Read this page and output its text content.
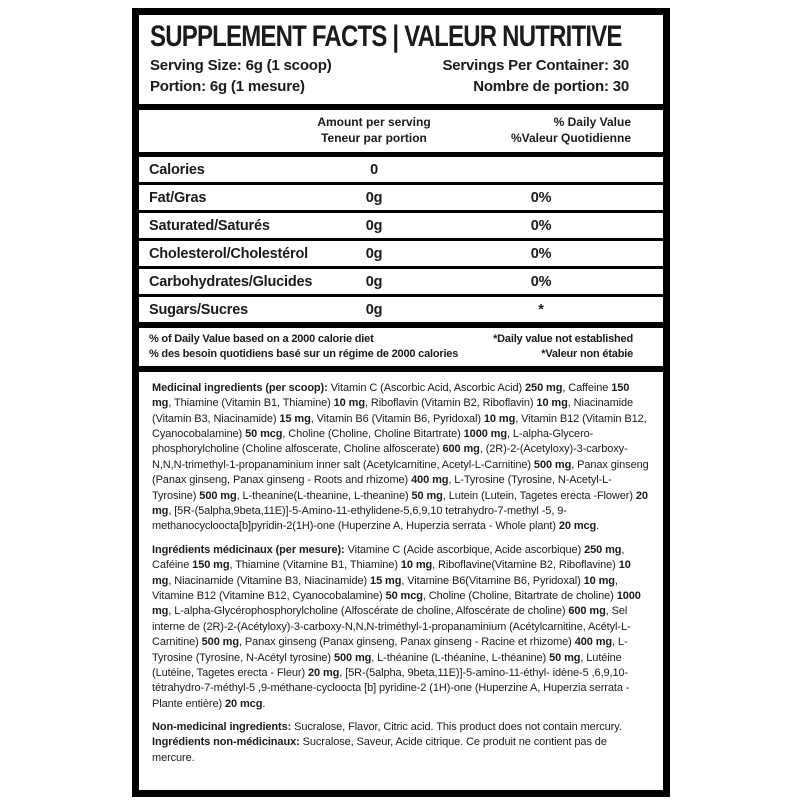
SUPPLEMENT FACTS | VALEUR NUTRITIVE
Serving Size: 6g (1 scoop)	Servings Per Container: 30
Portion: 6g (1 mesure)	Nombre de portion: 30
Amount per serving
Teneur par portion
% Daily Value
%Valeur Quotidienne
Calories	0
Fat/Gras	0g	0%
Saturated/Saturés	0g	0%
Cholesterol/Cholestérol	0g	0%
Carbohydrates/Glucides	0g	0%
Sugars/Sucres	0g	*
% of Daily Value based on a 2000 calorie diet
% des besoin quotidiens basé sur un régime de 2000 calories
*Daily value not established
*Valeur non étabie

Medicinal ingredients (per scoop): Vitamin C (Ascorbic Acid, Ascorbic Acid) 250 mg, Caffeine 150 mg, Thiamine (Vitamin B1, Thiamine) 10 mg, Riboflavin (Vitamin B2, Riboflavin) 10 mg, Niacinamide (Vitamin B3, Niacinamide) 15 mg, Vitamin B6 (Vitamin B6, Pyridoxal) 10 mg, Vitamin B12 (Vitamin B12, Cyanocobalamine) 50 mcg, Choline (Choline, Choline Bitartrate) 1000 mg, L-alpha-Glycero-phosphorylcholine (Choline alfoscerate, Choline alfoscerate) 600 mg, (2R)-2-(Acetyloxy)-3-carboxy-N,N,N-trimethyl-1-propanaminium inner salt (Acetylcarnitine, Acetyl-L-Carnitine) 500 mg, Panax ginseng (Panax ginseng, Panax ginseng - Roots and rhizome) 400 mg, L-Tyrosine (Tyrosine, N-Acetyl-L- Tyrosine) 500 mg, L-theanine(L-theanine, L-theanine) 50 mg, Lutein (Lutein, Tagetes erecta -Flower) 20 mg, [5R-(5alpha,9beta,11E)]-5-Amino-11-ethylidene-5,6,9,10 tetrahydro-7-methyl -5, 9-methanocycloocta[b]pyridin-2(1H)-one (Huperzine A, Huperzia serrata - Whole plant) 20 mcg.

Ingrédients médicinaux (per mesure): Vitamine C (Acide ascorbique, Acide ascorbique) 250 mg, Caféine 150 mg, Thiamine (Vitamine B1, Thiamine) 10 mg, Riboflavine(Vitamine B2, Riboflavine) 10 mg, Niacinamide (Vitamine B3, Niacinamide) 15 mg, Vitamine B6(Vitamine B6, Pyridoxal) 10 mg, Vitamine B12 (Vitamine B12, Cyanocobalamine) 50 mcg, Choline (Choline, Bitartrate de choline) 1000 mg, L-alpha-Glycérophosphorylcholine (Alfoscérate de choline, Alfoscérate de choline) 600 mg, Sel interne de (2R)-2-(Acétyloxy)-3-carboxy-N,N,N-triméthyl-1-propanaminium (Acétylcarnitine, Acétyl-L-Carnitine) 500 mg, Panax ginseng (Panax ginseng, Panax ginseng - Racine et rhizome) 400 mg, L-Tyrosine (Tyrosine, N-Acétyl tyrosine) 500 mg, L-théanine (L-théanine, L-théanine) 50 mg, Lutéine (Lutéine, Tagetes erecta - Fleur) 20 mg, [5R-(5alpha, 9beta,11E)]-5-amino-11-éthyl- idène-5 ,6,9,10-tétrahydro-7-méthyl-5 ,9-méthane-cycloocta [b] pyridine-2 (1H)-one (Huperzine A, Huperzia serrata - Plante entière) 20 mcg.

Non-medicinal ingredients: Sucralose, Flavor, Citric acid. This product does not contain mercury.

Ingrédients non-médicinaux: Sucralose, Saveur, Acide citrique. Ce produit ne contient pas de mercure.
